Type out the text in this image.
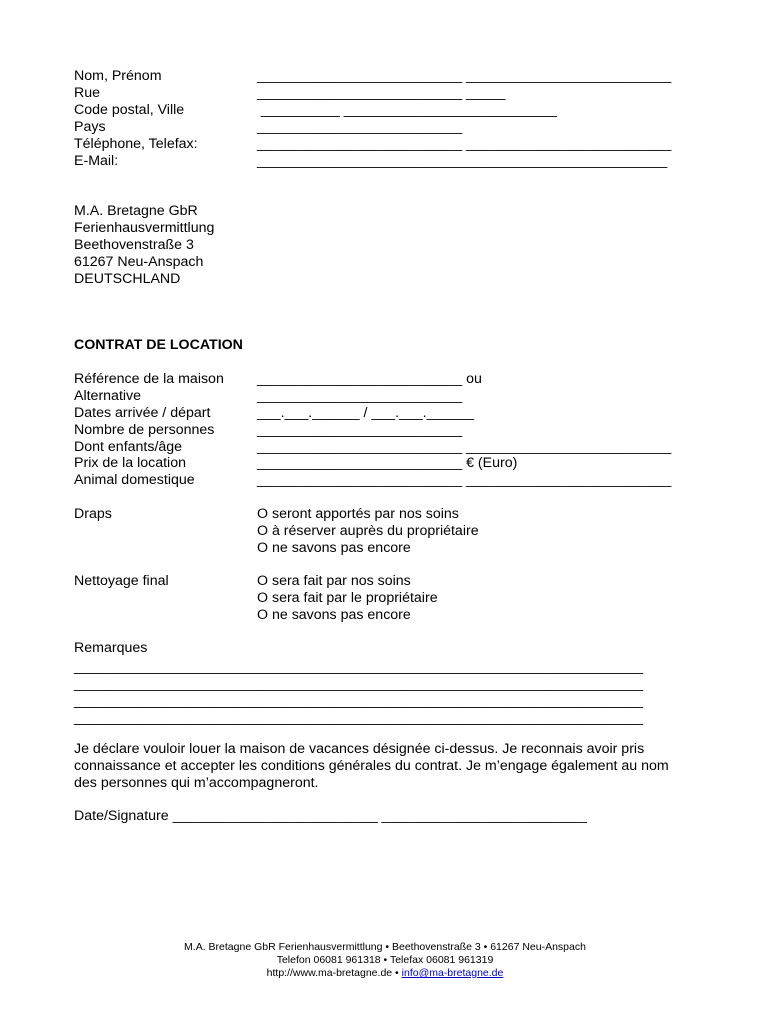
Nom, Prénom	__________________________ __________________________
Rue	__________________________ _____
Code postal, Ville	__________ ___________________________
Pays	__________________________
Téléphone, Telefax:	__________________________ __________________________
E-Mail:	____________________________________________________
M.A. Bretagne GbR
Ferienhausvermittlung
Beethovenstraße 3
61267 Neu-Anspach
DEUTSCHLAND
CONTRAT DE LOCATION
Référence de la maison __________________________ ou
Alternative	__________________________
Dates arrivée / départ	___.___.______ / ___.___.______
Nombre de personnes	__________________________
Dont enfants/âge	__________________________ __________________________
Prix de la location	__________________________ € (Euro)
Animal domestique	__________________________ __________________________
Draps	O seront apportés par nos soins
O à réserver auprès du propriétaire
O ne savons pas encore
Nettoyage final	O sera fait par nos soins
O sera fait par le propriétaire
O ne savons pas encore
Remarques
___________________________________________________________________________
___________________________________________________________________________
___________________________________________________________________________
___________________________________________________________________________
Je déclare vouloir louer la maison de vacances désignée ci-dessus. Je reconnais avoir pris connaissance et accepter les conditions générales du contrat. Je m’engage également au nom des personnes qui m’accompagneront.
Date/Signature __________________________ __________________________
M.A. Bretagne GbR Ferienhausvermittlung • Beethovenstraße 3 • 61267 Neu-Anspach
Telefon 06081 961318 • Telefax 06081 961319
http://www.ma-bretagne.de • info@ma-bretagne.de
